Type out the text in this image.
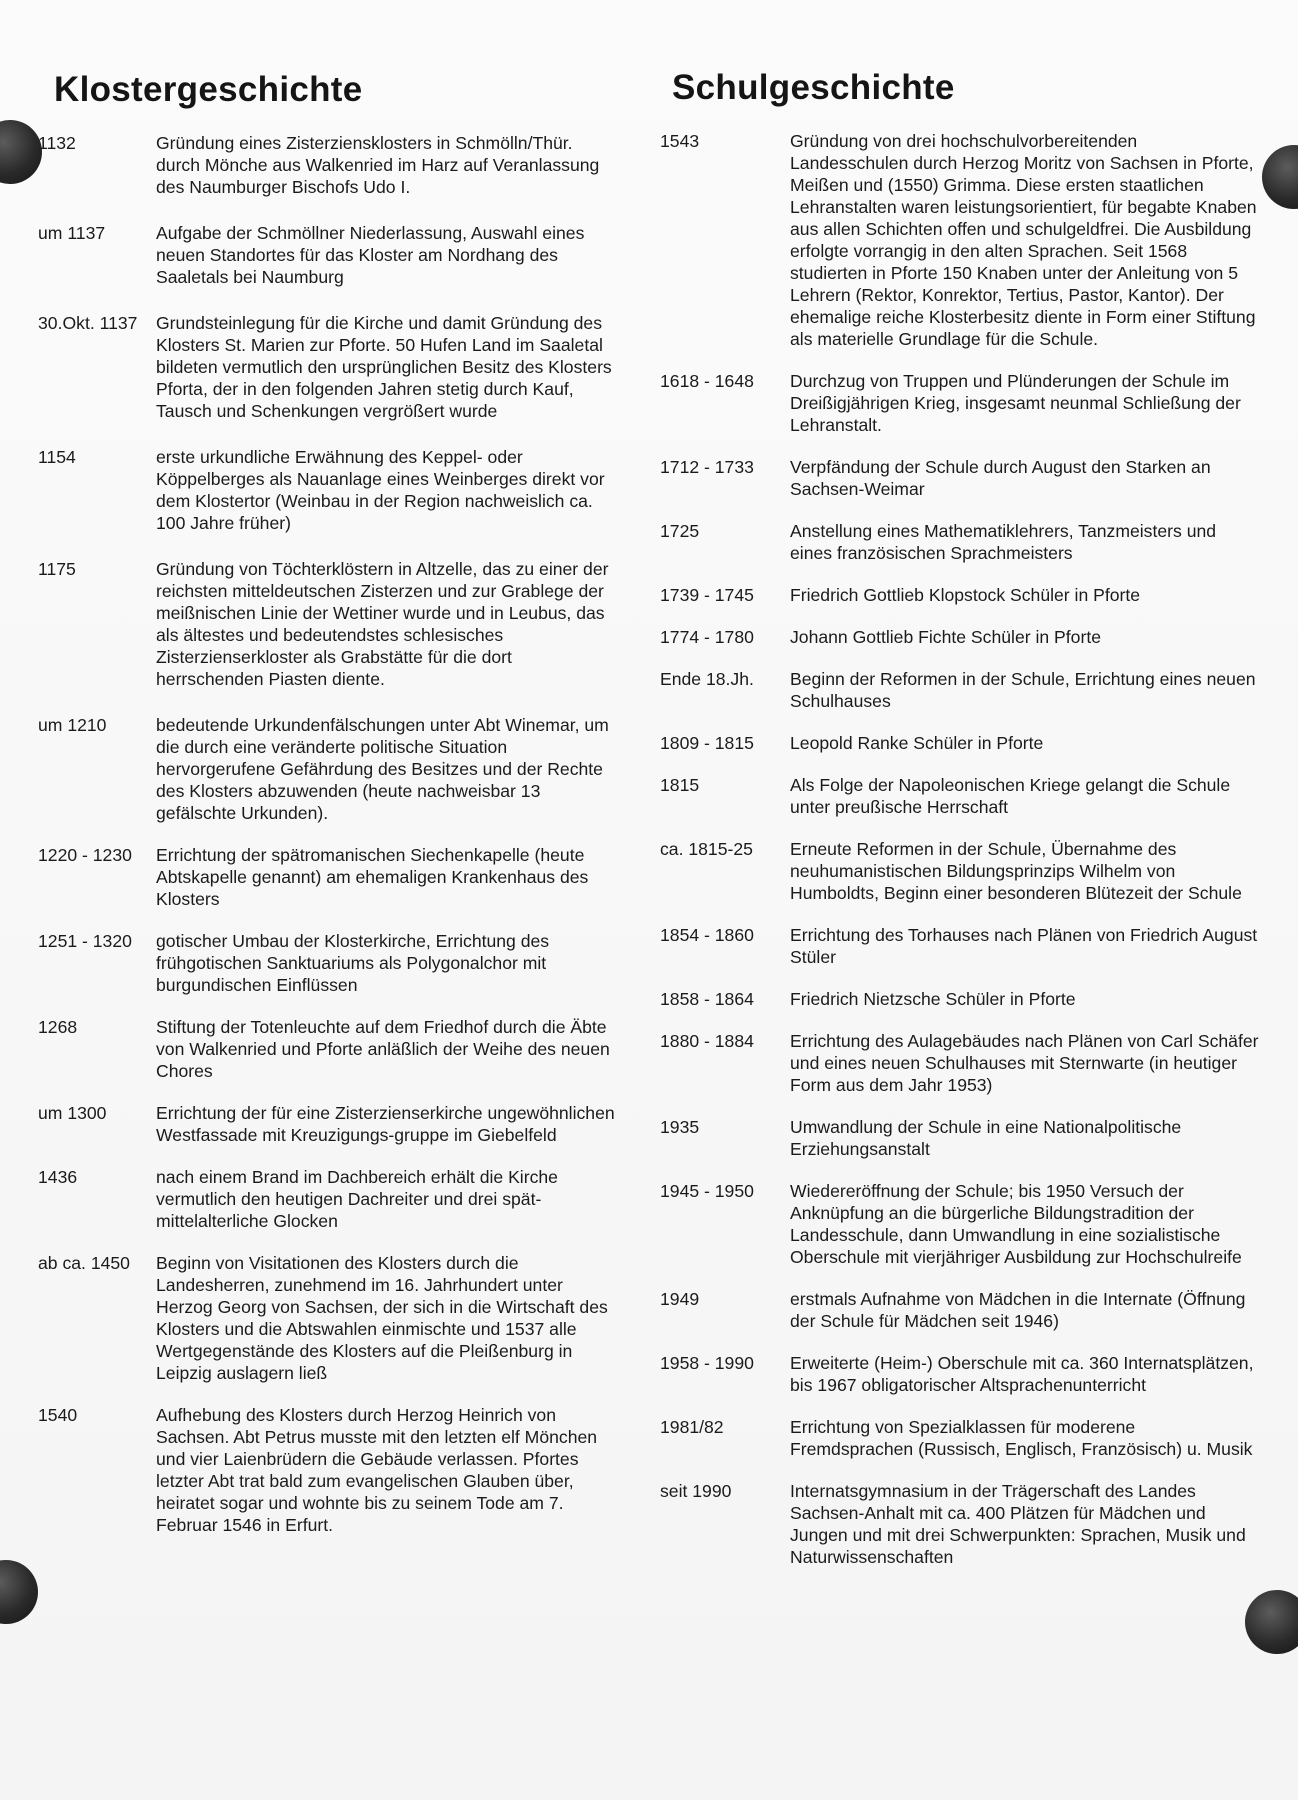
Klostergeschichte
1132	Gründung eines Zisterziensklosters in Schmölln/Thür. durch Mönche aus Walkenried im Harz auf Veranlassung des Naumburger Bischofs Udo I.
um 1137	Aufgabe der Schmöllner Niederlassung, Auswahl eines neuen Standortes für das Kloster am Nordhang des Saaletals bei Naumburg
30.Okt. 1137	Grundsteinlegung für die Kirche und damit Gründung des Klosters St. Marien zur Pforte. 50 Hufen Land im Saaletal bildeten vermutlich den ursprünglichen Besitz des Klosters Pforta, der in den folgenden Jahren stetig durch Kauf, Tausch und Schenkungen vergrößert wurde
1154	erste urkundliche Erwähnung des Keppel- oder Köppelberges als Nauanlage eines Weinberges direkt vor dem Klostertor (Weinbau in der Region nachweislich ca. 100 Jahre früher)
1175	Gründung von Töchterklöstern in Altzelle, das zu einer der reichsten mitteldeutschen Zisterzen und zur Grablege der meißnischen Linie der Wettiner wurde und in Leubus, das als ältestes und bedeutendstes schlesisches Zisterzienserkloster als Grabstätte für die dort herrschenden Piasten diente.
um 1210	bedeutende Urkundenfälschungen unter Abt Winemar, um die durch eine veränderte politische Situation hervorgerufene Gefährdung des Besitzes und der Rechte des Klosters abzuwenden (heute nachweisbar 13 gefälschte Urkunden).
1220 - 1230	Errichtung der spätromanischen Siechenkapelle (heute Abtskapelle genannt) am ehemaligen Krankenhaus des Klosters
1251 - 1320	gotischer Umbau der Klosterkirche, Errichtung des frühgotischen Sanktuariums als Polygonalchor mit burgundischen Einflüssen
1268	Stiftung der Totenleuchte auf dem Friedhof durch die Äbte von Walkenried und Pforte anläßlich der Weihe des neuen Chores
um 1300	Errichtung der für eine Zisterzienserkirche ungewöhnlichen Westfassade mit Kreuzigungs-gruppe im Giebelfeld
1436	nach einem Brand im Dachbereich erhält die Kirche vermutlich den heutigen Dachreiter und drei spät-mittelalterliche Glocken
ab ca. 1450	Beginn von Visitationen des Klosters durch die Landesherren, zunehmend im 16. Jahrhundert unter Herzog Georg von Sachsen, der sich in die Wirtschaft des Klosters und die Abtswahlen einmischte und 1537 alle Wertgegenstände des Klosters auf die Pleißenburg in Leipzig auslagern ließ
1540	Aufhebung des Klosters durch Herzog Heinrich von Sachsen. Abt Petrus musste mit den letzten elf Mönchen und vier Laienbrüdern die Gebäude verlassen. Pfortes letzter Abt trat bald zum evangelischen Glauben über, heiratet sogar und wohnte bis zu seinem Tode am 7. Februar 1546 in Erfurt.
Schulgeschichte
1543	Gründung von drei hochschulvorbereitenden Landesschulen durch Herzog Moritz von Sachsen in Pforte, Meißen und (1550) Grimma. Diese ersten staatlichen Lehranstalten waren leistungsorientiert, für begabte Knaben aus allen Schichten offen und schulgeldfrei. Die Ausbildung erfolgte vorrangig in den alten Sprachen. Seit 1568 studierten in Pforte 150 Knaben unter der Anleitung von 5 Lehrern (Rektor, Konrektor, Tertius, Pastor, Kantor). Der ehemalige reiche Klosterbesitz diente in Form einer Stiftung als materielle Grundlage für die Schule.
1618 - 1648	Durchzug von Truppen und Plünderungen der Schule im Dreißigjährigen Krieg, insgesamt neunmal Schließung der Lehranstalt.
1712 - 1733	Verpfändung der Schule durch August den Starken an Sachsen-Weimar
1725	Anstellung eines Mathematiklehrers, Tanzmeisters und eines französischen Sprachmeisters
1739 - 1745	Friedrich Gottlieb Klopstock Schüler in Pforte
1774 - 1780	Johann Gottlieb Fichte Schüler in Pforte
Ende 18.Jh.	Beginn der Reformen in der Schule, Errichtung eines neuen Schulhauses
1809 - 1815	Leopold Ranke Schüler in Pforte
1815	Als Folge der Napoleonischen Kriege gelangt die Schule unter preußische Herrschaft
ca. 1815-25	Erneute Reformen in der Schule, Übernahme des neuhumanistischen Bildungsprinzips Wilhelm von Humboldts, Beginn einer besonderen Blütezeit der Schule
1854 - 1860	Errichtung des Torhauses nach Plänen von Friedrich August Stüler
1858 - 1864	Friedrich Nietzsche Schüler in Pforte
1880 - 1884	Errichtung des Aulagebäudes nach Plänen von Carl Schäfer und eines neuen Schulhauses mit Sternwarte (in heutiger Form aus dem Jahr 1953)
1935	Umwandlung der Schule in eine Nationalpolitische Erziehungsanstalt
1945 - 1950	Wiedereröffnung der Schule; bis 1950 Versuch der Anknüpfung an die bürgerliche Bildungstradition der Landesschule, dann Umwandlung in eine sozialistische Oberschule mit vierjähriger Ausbildung zur Hochschulreife
1949	erstmals Aufnahme von Mädchen in die Internate (Öffnung der Schule für Mädchen seit 1946)
1958 - 1990	Erweiterte (Heim-) Oberschule mit ca. 360 Internatsplätzen, bis 1967 obligatorischer Altsprachenunterricht
1981/82	Errichtung von Spezialklassen für moderene Fremdsprachen (Russisch, Englisch, Französisch) u. Musik
seit 1990	Internatsgymnasium in der Trägerschaft des Landes Sachsen-Anhalt mit ca. 400 Plätzen für Mädchen und Jungen und mit drei Schwerpunkten: Sprachen, Musik und Naturwissenschaften
